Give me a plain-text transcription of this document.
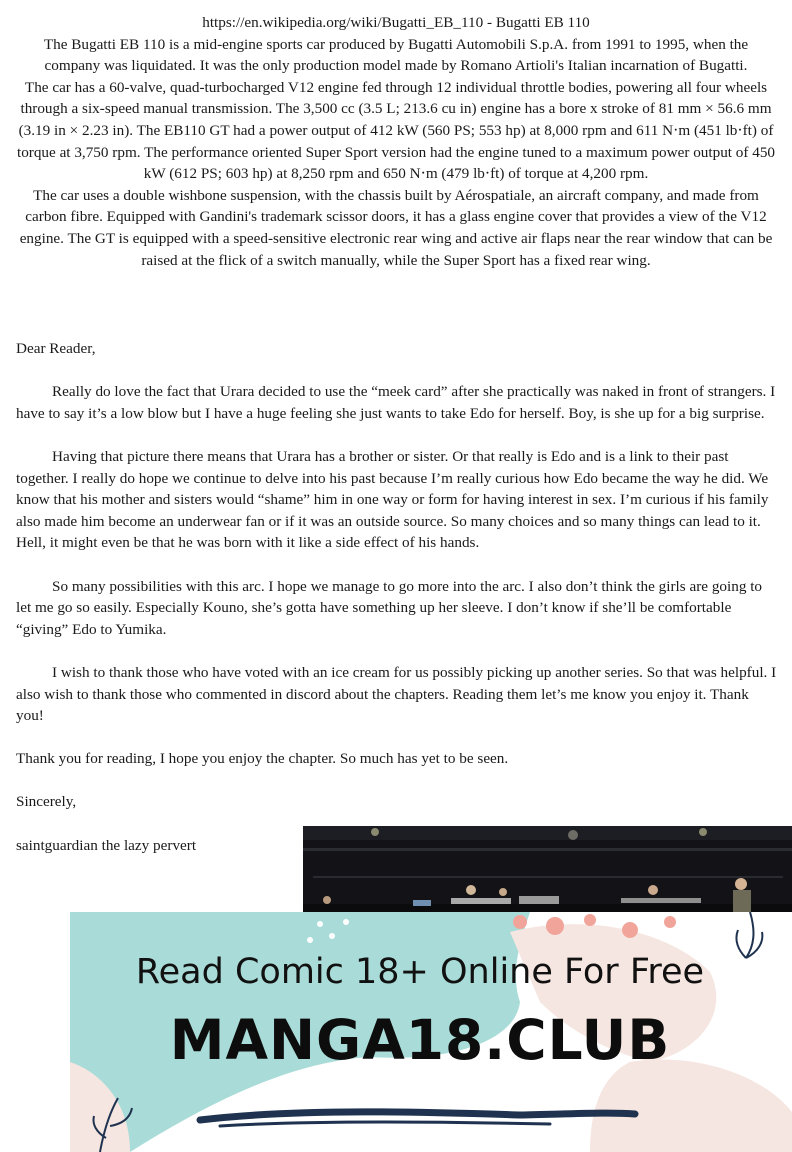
https://en.wikipedia.org/wiki/Bugatti_EB_110 - Bugatti EB 110

The Bugatti EB 110 is a mid-engine sports car produced by Bugatti Automobili S.p.A. from 1991 to 1995, when the company was liquidated. It was the only production model made by Romano Artioli's Italian incarnation of Bugatti.

The car has a 60-valve, quad-turbocharged V12 engine fed through 12 individual throttle bodies, powering all four wheels through a six-speed manual transmission. The 3,500 cc (3.5 L; 213.6 cu in) engine has a bore x stroke of 81 mm × 56.6 mm (3.19 in × 2.23 in). The EB110 GT had a power output of 412 kW (560 PS; 553 hp) at 8,000 rpm and 611 N⋅m (451 lb⋅ft) of torque at 3,750 rpm. The performance oriented Super Sport version had the engine tuned to a maximum power output of 450 kW (612 PS; 603 hp) at 8,250 rpm and 650 N⋅m (479 lb⋅ft) of torque at 4,200 rpm.

The car uses a double wishbone suspension, with the chassis built by Aérospatiale, an aircraft company, and made from carbon fibre. Equipped with Gandini's trademark scissor doors, it has a glass engine cover that provides a view of the V12 engine. The GT is equipped with a speed-sensitive electronic rear wing and active air flaps near the rear window that can be raised at the flick of a switch manually, while the Super Sport has a fixed rear wing.

Dear Reader,

Really do love the fact that Urara decided to use the “meek card” after she practically was naked in front of strangers. I have to say it’s a low blow but I have a huge feeling she just wants to take Edo for herself. Boy, is she up for a big surprise.

Having that picture there means that Urara has a brother or sister. Or that really is Edo and is a link to their past together. I really do hope we continue to delve into his past because I’m really curious how Edo became the way he did. We know that his mother and sisters would “shame” him in one way or form for having interest in sex. I’m curious if his family also made him become an underwear fan or if it was an outside source. So many choices and so many things can lead to it. Hell, it might even be that he was born with it like a side effect of his hands.

So many possibilities with this arc. I hope we manage to go more into the arc. I also don’t think the girls are going to let me go so easily. Especially Kouno, she’s gotta have something up her sleeve. I don’t know if she’ll be comfortable “giving” Edo to Yumika.

I wish to thank those who have voted with an ice cream for us possibly picking up another series. So that was helpful. I also wish to thank those who commented in discord about the chapters. Reading them let’s me know you enjoy it. Thank you!

Thank you for reading, I hope you enjoy the chapter. So much has yet to be seen.

Sincerely,

saintguardian the lazy pervert

Read Comic 18+ Online For Free
MANGA18.CLUB
